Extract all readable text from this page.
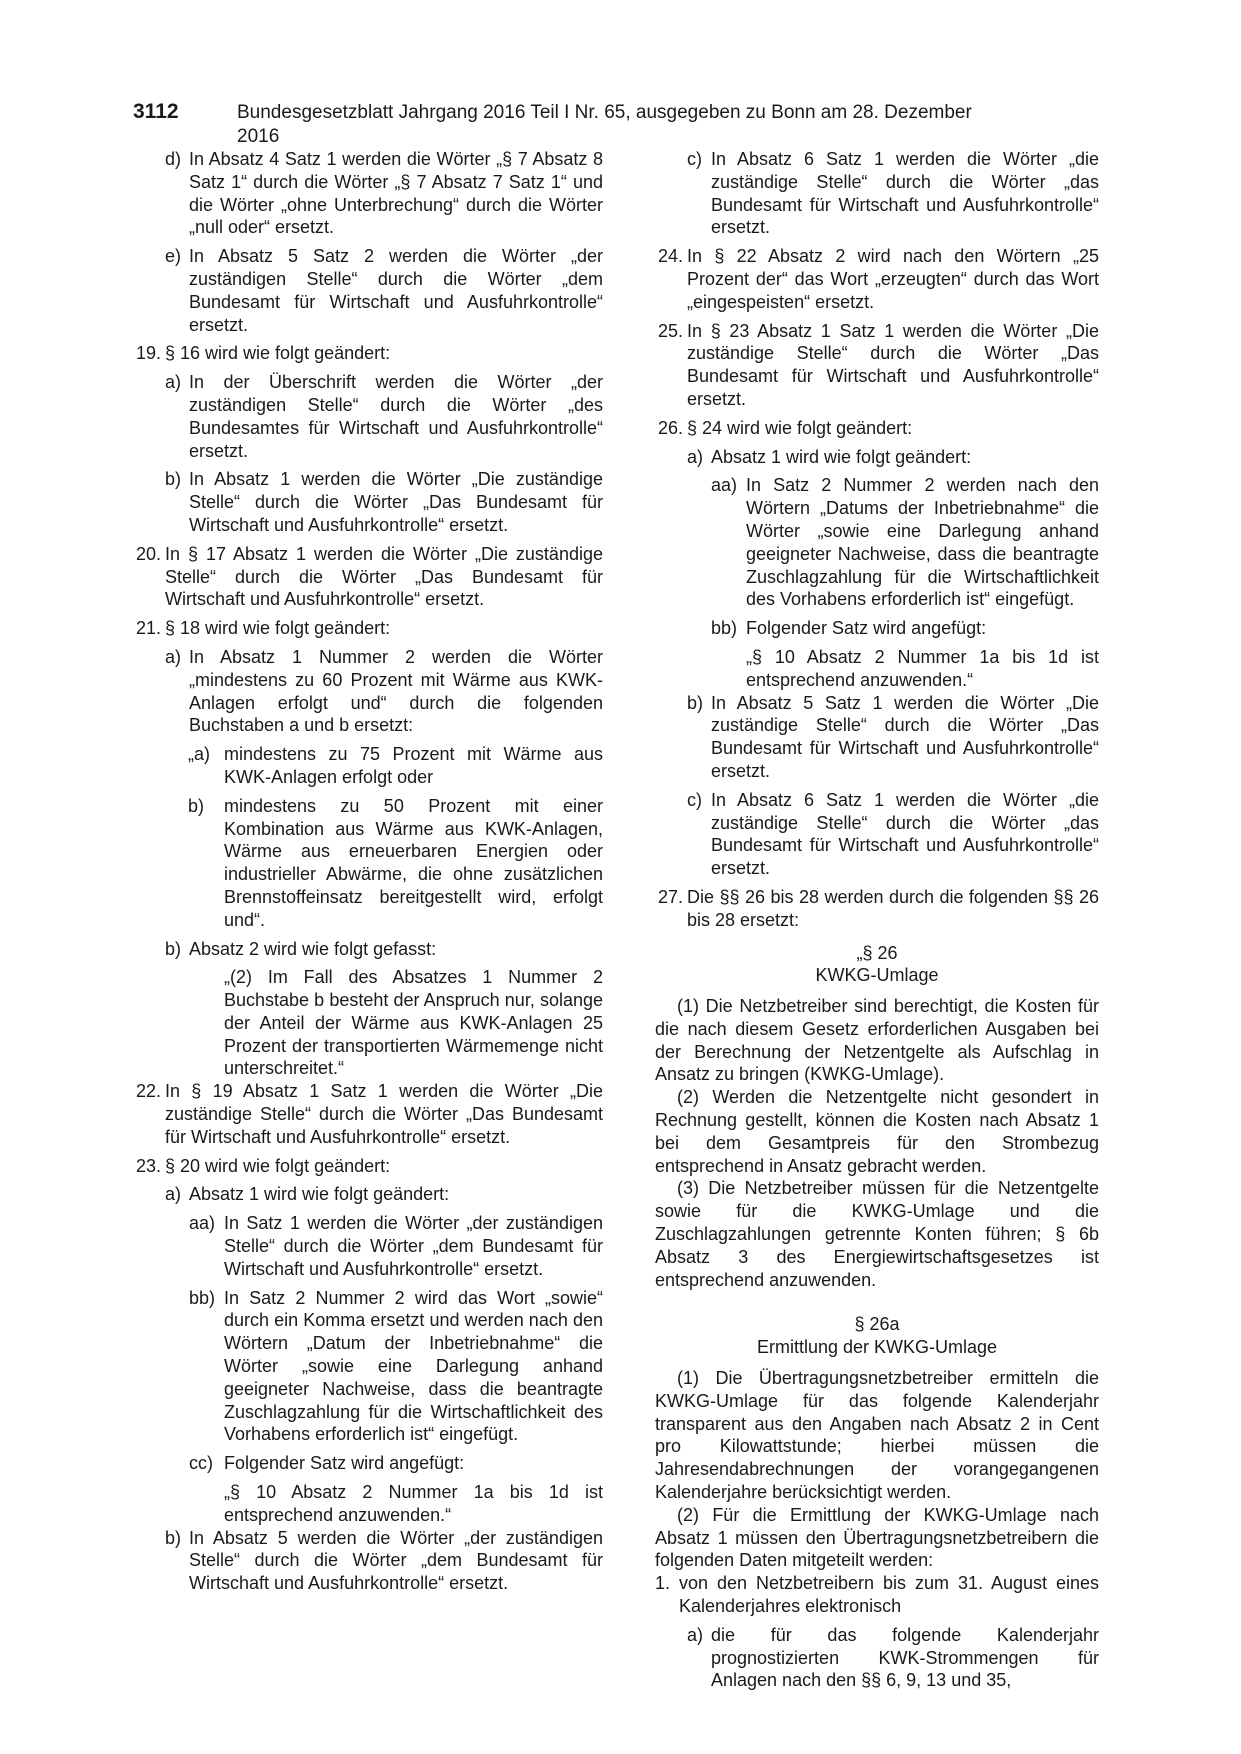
3112	Bundesgesetzblatt Jahrgang 2016 Teil I Nr. 65, ausgegeben zu Bonn am 28. Dezember 2016
d) In Absatz 4 Satz 1 werden die Wörter „§ 7 Absatz 8 Satz 1“ durch die Wörter „§ 7 Absatz 7 Satz 1“ und die Wörter „ohne Unterbrechung“ durch die Wörter „null oder“ ersetzt.

e) In Absatz 5 Satz 2 werden die Wörter „der zuständigen Stelle“ durch die Wörter „dem Bundesamt für Wirtschaft und Ausfuhrkontrolle“ ersetzt.

19. § 16 wird wie folgt geändert:

a) In der Überschrift werden die Wörter „der zuständigen Stelle“ durch die Wörter „des Bundesamtes für Wirtschaft und Ausfuhrkontrolle“ ersetzt.

b) In Absatz 1 werden die Wörter „Die zuständige Stelle“ durch die Wörter „Das Bundesamt für Wirtschaft und Ausfuhrkontrolle“ ersetzt.

20. In § 17 Absatz 1 werden die Wörter „Die zuständige Stelle“ durch die Wörter „Das Bundesamt für Wirtschaft und Ausfuhrkontrolle“ ersetzt.

21. § 18 wird wie folgt geändert:

a) In Absatz 1 Nummer 2 werden die Wörter „mindestens zu 60 Prozent mit Wärme aus KWK-Anlagen erfolgt und“ durch die folgenden Buchstaben a und b ersetzt:

„a) mindestens zu 75 Prozent mit Wärme aus KWK-Anlagen erfolgt oder

b)	mindestens zu 50 Prozent mit einer Kombination aus Wärme aus KWK-Anlagen, Wärme aus erneuerbaren Energien oder industrieller Abwärme, die ohne zusätzlichen Brennstoffeinsatz bereitgestellt wird, erfolgt und“.

b) Absatz 2 wird wie folgt gefasst:

„(2) Im Fall des Absatzes 1 Nummer 2 Buchstabe b besteht der Anspruch nur, solange der Anteil der Wärme aus KWK-Anlagen 25 Prozent der transportierten Wärmemenge nicht unterschreitet.“

22. In § 19 Absatz 1 Satz 1 werden die Wörter „Die zuständige Stelle“ durch die Wörter „Das Bundesamt für Wirtschaft und Ausfuhrkontrolle“ ersetzt.

23. § 20 wird wie folgt geändert:

a) Absatz 1 wird wie folgt geändert:

aa) In Satz 1 werden die Wörter „der zuständigen Stelle“ durch die Wörter „dem Bundesamt für Wirtschaft und Ausfuhrkontrolle“ ersetzt.

bb) In Satz 2 Nummer 2 wird das Wort „sowie“ durch ein Komma ersetzt und werden nach den Wörtern „Datum der Inbetriebnahme“ die Wörter „sowie eine Darlegung anhand geeigneter Nachweise, dass die beantragte Zuschlagzahlung für die Wirtschaftlichkeit des Vorhabens erforderlich ist“ eingefügt.

cc) Folgender Satz wird angefügt:

„§ 10 Absatz 2 Nummer 1a bis 1d ist entsprechend anzuwenden.“

b) In Absatz 5 werden die Wörter „der zuständigen Stelle“ durch die Wörter „dem Bundesamt für Wirtschaft und Ausfuhrkontrolle“ ersetzt.

c) In Absatz 6 Satz 1 werden die Wörter „die zuständige Stelle“ durch die Wörter „das Bundesamt für Wirtschaft und Ausfuhrkontrolle“ ersetzt.

24. In § 22 Absatz 2 wird nach den Wörtern „25 Prozent der“ das Wort „erzeugten“ durch das Wort „eingespeisten“ ersetzt.

25. In § 23 Absatz 1 Satz 1 werden die Wörter „Die zuständige Stelle“ durch die Wörter „Das Bundesamt für Wirtschaft und Ausfuhrkontrolle“ ersetzt.

26. § 24 wird wie folgt geändert:

a) Absatz 1 wird wie folgt geändert:

aa) In Satz 2 Nummer 2 werden nach den Wörtern „Datums der Inbetriebnahme“ die Wörter „sowie eine Darlegung anhand geeigneter Nachweise, dass die beantragte Zuschlagzahlung für die Wirtschaftlichkeit des Vorhabens erforderlich ist“ eingefügt.

bb) Folgender Satz wird angefügt:

„§ 10 Absatz 2 Nummer 1a bis 1d ist entsprechend anzuwenden.“

b) In Absatz 5 Satz 1 werden die Wörter „Die zuständige Stelle“ durch die Wörter „Das Bundesamt für Wirtschaft und Ausfuhrkontrolle“ ersetzt.

c) In Absatz 6 Satz 1 werden die Wörter „die zuständige Stelle“ durch die Wörter „das Bundesamt für Wirtschaft und Ausfuhrkontrolle“ ersetzt.

27. Die §§ 26 bis 28 werden durch die folgenden §§ 26 bis 28 ersetzt:

„§ 26

KWKG-Umlage

(1) Die Netzbetreiber sind berechtigt, die Kosten für die nach diesem Gesetz erforderlichen Ausgaben bei der Berechnung der Netzentgelte als Aufschlag in Ansatz zu bringen (KWKG-Umlage).

(2) Werden die Netzentgelte nicht gesondert in Rechnung gestellt, können die Kosten nach Absatz 1 bei dem Gesamtpreis für den Strombezug entsprechend in Ansatz gebracht werden.

(3) Die Netzbetreiber müssen für die Netzentgelte sowie für die KWKG-Umlage und die Zuschlagzahlungen getrennte Konten führen; § 6b Absatz 3 des Energiewirtschaftsgesetzes ist entsprechend anzuwenden.

§ 26a

Ermittlung der KWKG-Umlage

(1) Die Übertragungsnetzbetreiber ermitteln die KWKG-Umlage für das folgende Kalenderjahr transparent aus den Angaben nach Absatz 2 in Cent pro Kilowattstunde; hierbei müssen die Jahresendabrechnungen der vorangegangenen Kalenderjahre berücksichtigt werden.

(2) Für die Ermittlung der KWKG-Umlage nach Absatz 1 müssen den Übertragungsnetzbetreibern die folgenden Daten mitgeteilt werden:

1. von den Netzbetreibern bis zum 31. August eines Kalenderjahres elektronisch

a) die für das folgende Kalenderjahr prognostizierten KWK-Strommengen für Anlagen nach den §§ 6, 9, 13 und 35,
